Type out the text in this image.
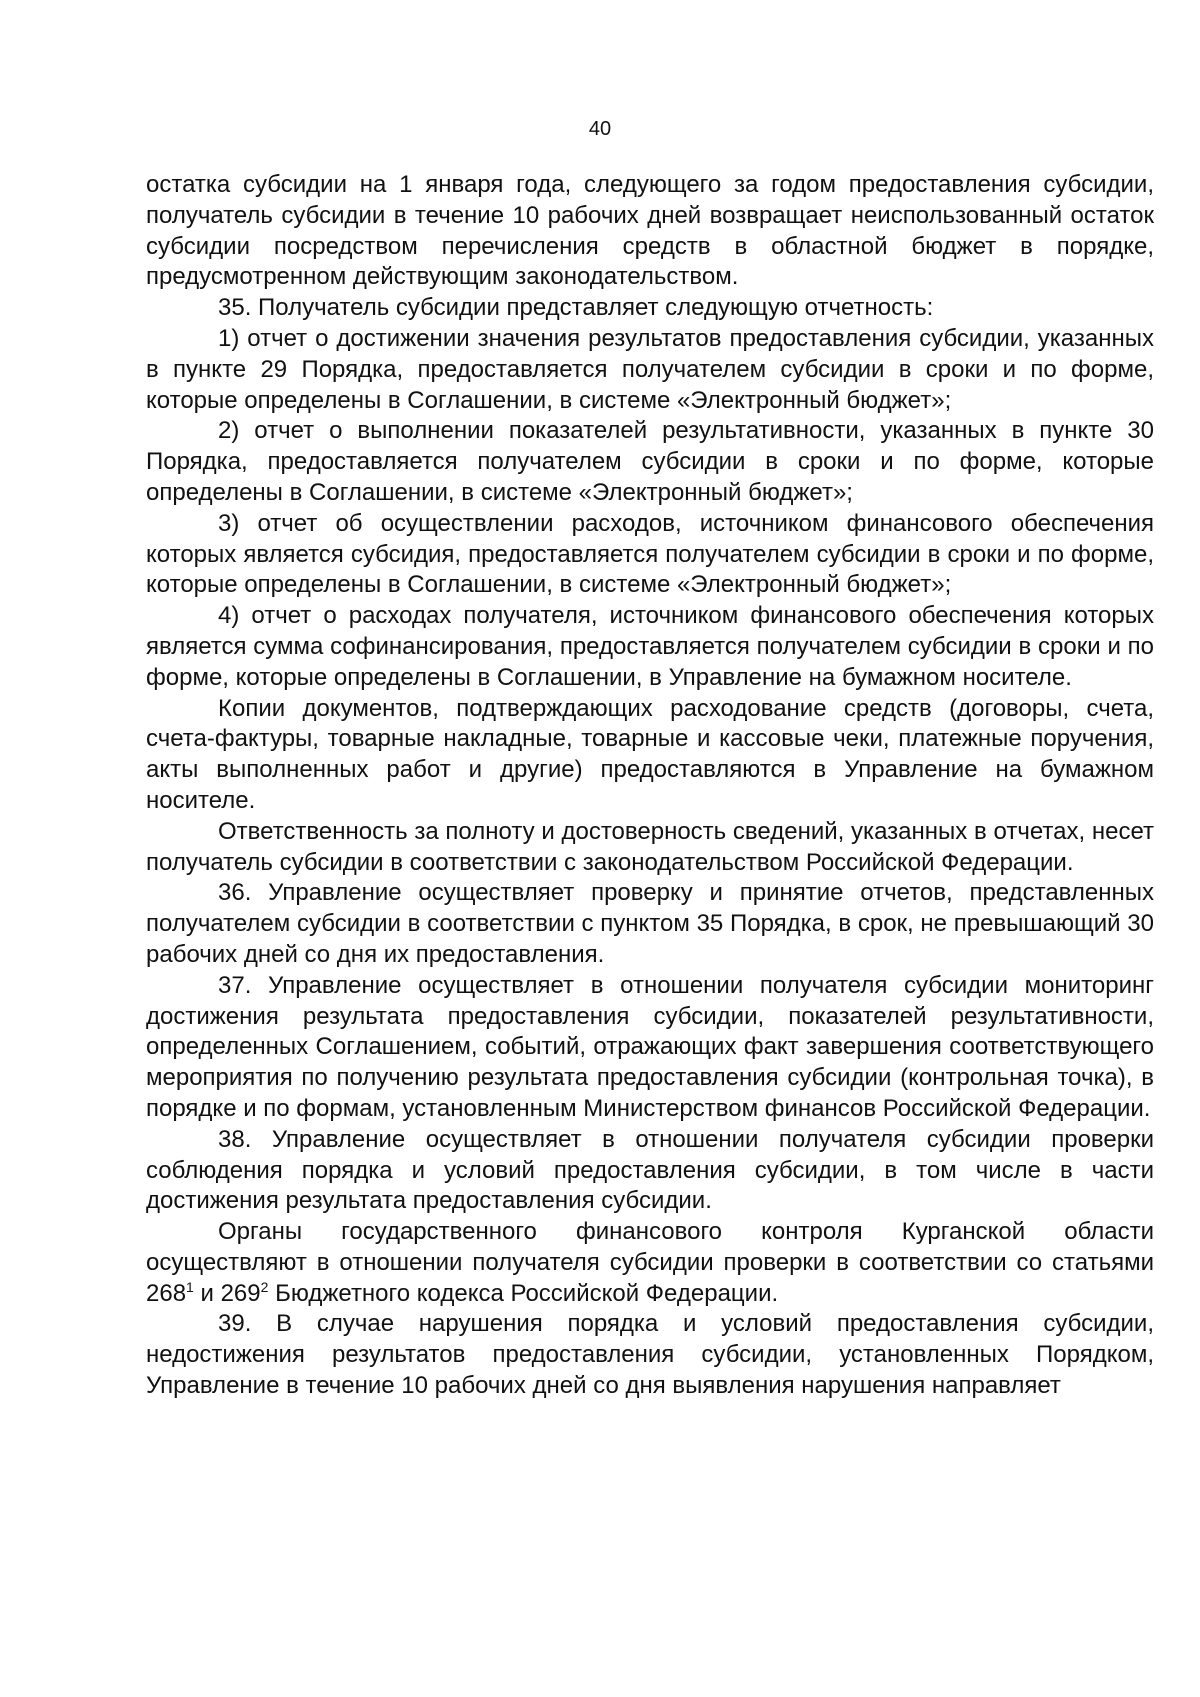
40

остатка субсидии на 1 января года, следующего за годом предоставления субсидии, получатель субсидии в течение 10 рабочих дней возвращает неиспользованный остаток субсидии посредством перечисления средств в областной бюджет в порядке, предусмотренном действующим законодательством.

35. Получатель субсидии представляет следующую отчетность:

1) отчет о достижении значения результатов предоставления субсидии, указанных в пункте 29 Порядка, предоставляется получателем субсидии в сроки и по форме, которые определены в Соглашении, в системе «Электронный бюджет»;

2) отчет о выполнении показателей результативности, указанных в пункте 30 Порядка, предоставляется получателем субсидии в сроки и по форме, которые определены в Соглашении, в системе «Электронный бюджет»;

3) отчет об осуществлении расходов, источником финансового обеспечения которых является субсидия, предоставляется получателем субсидии в сроки и по форме, которые определены в Соглашении, в системе «Электронный бюджет»;

4) отчет о расходах получателя, источником финансового обеспечения которых является сумма софинансирования, предоставляется получателем субсидии в сроки и по форме, которые определены в Соглашении, в Управление на бумажном носителе.

Копии документов, подтверждающих расходование средств (договоры, счета, счета-фактуры, товарные накладные, товарные и кассовые чеки, платежные поручения, акты выполненных работ и другие) предоставляются в Управление на бумажном носителе.

Ответственность за полноту и достоверность сведений, указанных в отчетах, несет получатель субсидии в соответствии с законодательством Российской Федерации.

36. Управление осуществляет проверку и принятие отчетов, представленных получателем субсидии в соответствии с пунктом 35 Порядка, в срок, не превышающий 30 рабочих дней со дня их предоставления.

37. Управление осуществляет в отношении получателя субсидии мониторинг достижения результата предоставления субсидии, показателей результативности, определенных Соглашением, событий, отражающих факт завершения соответствующего мероприятия по получению результата предоставления субсидии (контрольная точка), в порядке и по формам, установленным Министерством финансов Российской Федерации.

38. Управление осуществляет в отношении получателя субсидии проверки соблюдения порядка и условий предоставления субсидии, в том числе в части достижения результата предоставления субсидии.

Органы государственного финансового контроля Курганской области осуществляют в отношении получателя субсидии проверки в соответствии со статьями $268^1$ и $269^2$ Бюджетного кодекса Российской Федерации.

39. В случае нарушения порядка и условий предоставления субсидии, недостижения результатов предоставления субсидии, установленных Порядком, Управление в течение 10 рабочих дней со дня выявления нарушения направляет
